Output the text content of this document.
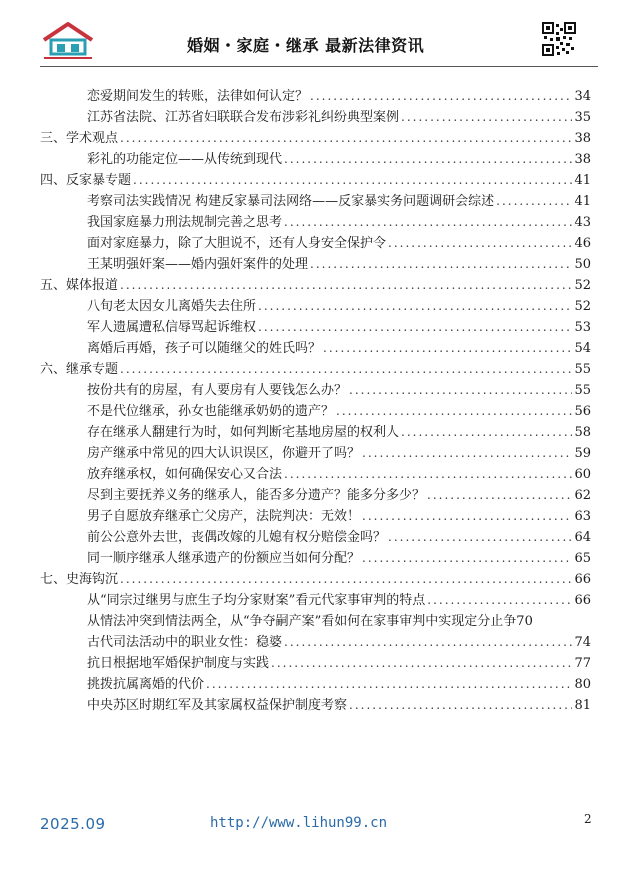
婚姻・家庭・继承 最新法律资讯
恋爱期间发生的转账，法律如何认定？ .....	34
江苏省法院、江苏省妇联联合发布涉彩礼纠纷典型案例 .....	35
三、学术观点 .....	38
彩礼的功能定位——从传统到现代 .....	38
四、反家暴专题 .....	41
考察司法实践情况 构建反家暴司法网络——反家暴实务问题调研会综述 .....	41
我国家庭暴力刑法规制完善之思考 .....	43
面对家庭暴力，除了大胆说不，还有人身安全保护令 .....	46
王某明强奸案——婚内强奸案件的处理 .....	50
五、媒体报道 .....	52
八旬老太因女儿离婚失去住所 .....	52
军人遗属遭私信辱骂起诉维权 .....	53
离婚后再婚，孩子可以随继父的姓氏吗？ .....	54
六、继承专题 .....	55
按份共有的房屋，有人要房有人要钱怎么办？ .....	55
不是代位继承，孙女也能继承奶奶的遗产？ .....	56
存在继承人翻建行为时，如何判断宅基地房屋的权利人 .....	58
房产继承中常见的四大认识误区，你避开了吗？ .....	59
放弃继承权，如何确保安心又合法 .....	60
尽到主要抚养义务的继承人，能否多分遗产？能多分多少？ .....	62
男子自愿放弃继承亡父房产，法院判决：无效！ .....	63
前公公意外去世，丧偶改嫁的儿媳有权分赔偿金吗？ .....	64
同一顺序继承人继承遗产的份额应当如何分配？ .....	65
七、史海钩沉 .....	66
从“同宗过继男与庶生子均分家财案”看元代家事审判的特点 .....	66
从情法冲突到情法两全，从“争夺嗣产案”看如何在家事审判中实现定分止争 70
古代司法活动中的职业女性：稳婆 .....	74
抗日根据地军婚保护制度与实践 .....	77
挑拨抗属离婚的代价 .....	80
中央苏区时期红军及其家属权益保护制度考察 .....	81
2025.09	http://www.lihun99.cn	2
